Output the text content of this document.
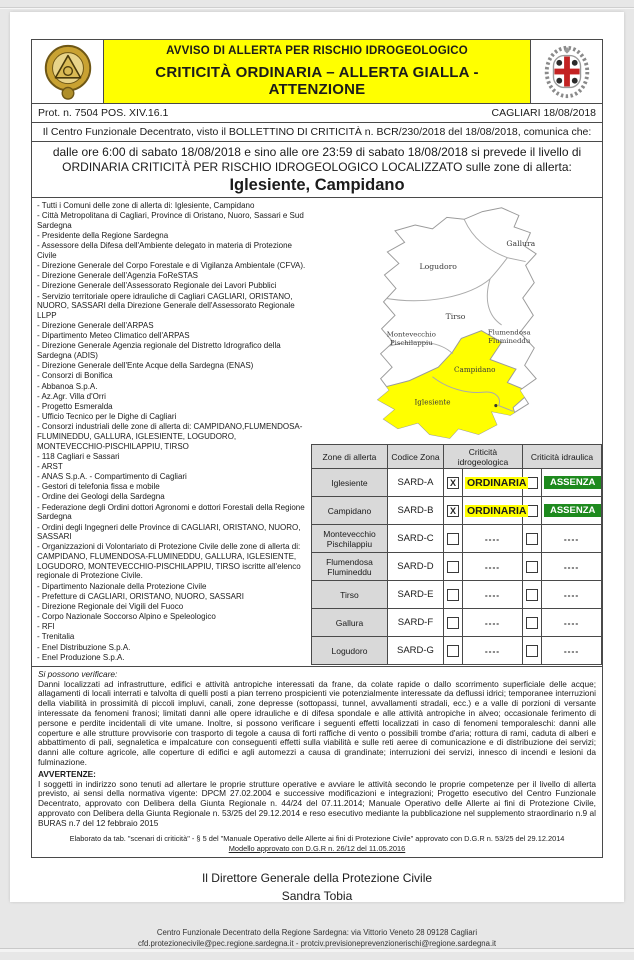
AVVISO DI ALLERTA PER RISCHIO IDROGEOLOGICO
CRITICITÀ ORDINARIA – ALLERTA GIALLA - ATTENZIONE
Prot. n. 7504 POS. XIV.16.1	CAGLIARI 18/08/2018
Il Centro Funzionale Decentrato, visto il BOLLETTINO DI CRITICITÀ n. BCR/230/2018 del 18/08/2018, comunica che:
dalle ore 6:00 di sabato 18/08/2018 e sino alle ore 23:59 di sabato 18/08/2018 si prevede il livello di ORDINARIA CRITICITÀ PER RISCHIO IDROGEOLOGICO LOCALIZZATO sulle zone di allerta:
Iglesiente, Campidano
- Tutti i Comuni delle zone di allerta di: Iglesiente, Campidano
- Città Metropolitana di Cagliari, Province di Oristano, Nuoro, Sassari e Sud Sardegna
- Presidente della Regione Sardegna
- Assessore della Difesa dell'Ambiente delegato in materia di Protezione Civile
- Direzione Generale del Corpo Forestale e di Vigilanza Ambientale (CFVA).
- Direzione Generale dell'Agenzia FoReSTAS
- Direzione Generale dell'Assessorato Regionale dei Lavori Pubblici
- Servizio territoriale opere idrauliche di Cagliari CAGLIARI, ORISTANO, NUORO, SASSARI della Direzione Generale dell'Assessorato Regionale LLPP
- Direzione Generale dell'ARPAS
- Dipartimento Meteo Climatico dell'ARPAS
- Direzione Generale Agenzia regionale del Distretto Idrografico della Sardegna (ADIS)
- Direzione Generale dell'Ente Acque della Sardegna (ENAS)
- Consorzi di Bonifica
- Abbanoa S.p.A.
- Az.Agr. Villa d'Orri
- Progetto Esmeralda
- Ufficio Tecnico per le Dighe di Cagliari
- Consorzi industriali delle zone di allerta di: CAMPIDANO,FLUMENDOSA-FLUMINEDDU, GALLURA, IGLESIENTE, LOGUDORO, MONTEVECCHIO-PISCHILAPPIU, TIRSO
- 118 Cagliari e Sassari
- ARST
- ANAS S.p.A. - Compartimento di Cagliari
- Gestori di telefonia fissa e mobile
- Ordine dei Geologi della Sardegna
- Federazione degli Ordini dottori Agronomi e dottori Forestali della Regione Sardegna
- Ordini degli Ingegneri delle Province di CAGLIARI, ORISTANO, NUORO, SASSARI
- Organizzazioni di Volontariato di Protezione Civile delle zone di allerta di: CAMPIDANO, FLUMENDOSA-FLUMINEDDU, GALLURA, IGLESIENTE, LOGUDORO, MONTEVECCHIO-PISCHILAPPIU, TIRSO iscritte all'elenco regionale di Protezione Civile.
- Dipartimento Nazionale della Protezione Civile
- Prefetture di CAGLIARI, ORISTANO, NUORO, SASSARI
- Direzione Regionale dei Vigili del Fuoco
- Corpo Nazionale Soccorso Alpino e Speleologico
- RFI
- Trenitalia
- Enel Distribuzione S.p.A.
- Enel Produzione S.p.A.
Gallura
Logudoro
Tirso
Montevecchio
Pischilappiu
Flumendosa
Flumineddu
Campidano
Iglesiente
Zone di allerta	Codice Zona	Criticità idrogeologica		Criticità idraulica	
Iglesiente	SARD-A	X	ORDINARIA		ASSENZA
Campidano	SARD-B	X	ORDINARIA		ASSENZA
Montevecchio Pischilappiu	SARD-C		----		----
Flumendosa Flumineddu	SARD-D		----		----
Tirso	SARD-E		----		----
Gallura	SARD-F		----		----
Logudoro	SARD-G		----		----
Si possono verificare:
Danni localizzati ad infrastrutture, edifici e attività antropiche interessati da frane, da colate rapide o dallo scorrimento superficiale delle acque; allagamenti di locali interrati e talvolta di quelli posti a pian terreno prospicienti vie potenzialmente interessate da deflussi idrici; temporanee interruzioni della viabilità in prossimità di piccoli impluvi, canali, zone depresse (sottopassi, tunnel, avvallamenti stradali, ecc.) e a valle di porzioni di versante interessate da fenomeni franosi; limitati danni alle opere idrauliche e di difesa spondale e alle attività antropiche in alveo; occasionale ferimento di persone e perdite incidentali di vite umane. Inoltre, si possono verificare i seguenti effetti localizzati in caso di fenomeni temporaleschi: danni alle coperture e alle strutture provvisorie con trasporto di tegole a causa di forti raffiche di vento o possibili trombe d'aria; rottura di rami, caduta di alberi e abbattimento di pali, segnaletica e impalcature con conseguenti effetti sulla viabilità e sulle reti aeree di comunicazione e di distribuzione dei servizi; danni alle colture agricole, alle coperture di edifici e agli automezzi a causa di grandinate; interruzioni dei servizi, innesco di incendi e lesioni da fulminazione.
AVVERTENZE:
I soggetti in indirizzo sono tenuti ad allertare le proprie strutture operative e avviare le attività secondo le proprie competenze per il livello di allerta previsto, ai sensi della normativa vigente: DPCM 27.02.2004 e successive modificazioni e integrazioni; Progetto esecutivo del Centro Funzionale Decentrato, approvato con Delibera della Giunta Regionale n. 44/24 del 07.11.2014; Manuale Operativo delle Allerte ai fini di Protezione Civile, approvato con Delibera della Giunta Regionale n. 53/25 del 29.12.2014 e reso esecutivo mediante la pubblicazione nel supplemento straordinario n.9 al BURAS n.7 del 12 febbraio 2015
Elaborato da tab. "scenari di criticità" - § 5 del "Manuale Operativo delle Allerte ai fini di Protezione Civile" approvato con D.G.R n. 53/25 del 29.12.2014
Modello approvato con D.G.R n. 26/12 del 11.05.2016
Il Direttore Generale della Protezione Civile
Sandra Tobia
Centro Funzionale Decentrato della Regione Sardegna: via Vittorio Veneto 28 09128 Cagliari
cfd.protezionecivile@pec.regione.sardegna.it - protciv.previsioneprevenzionerischi@regione.sardegna.it
